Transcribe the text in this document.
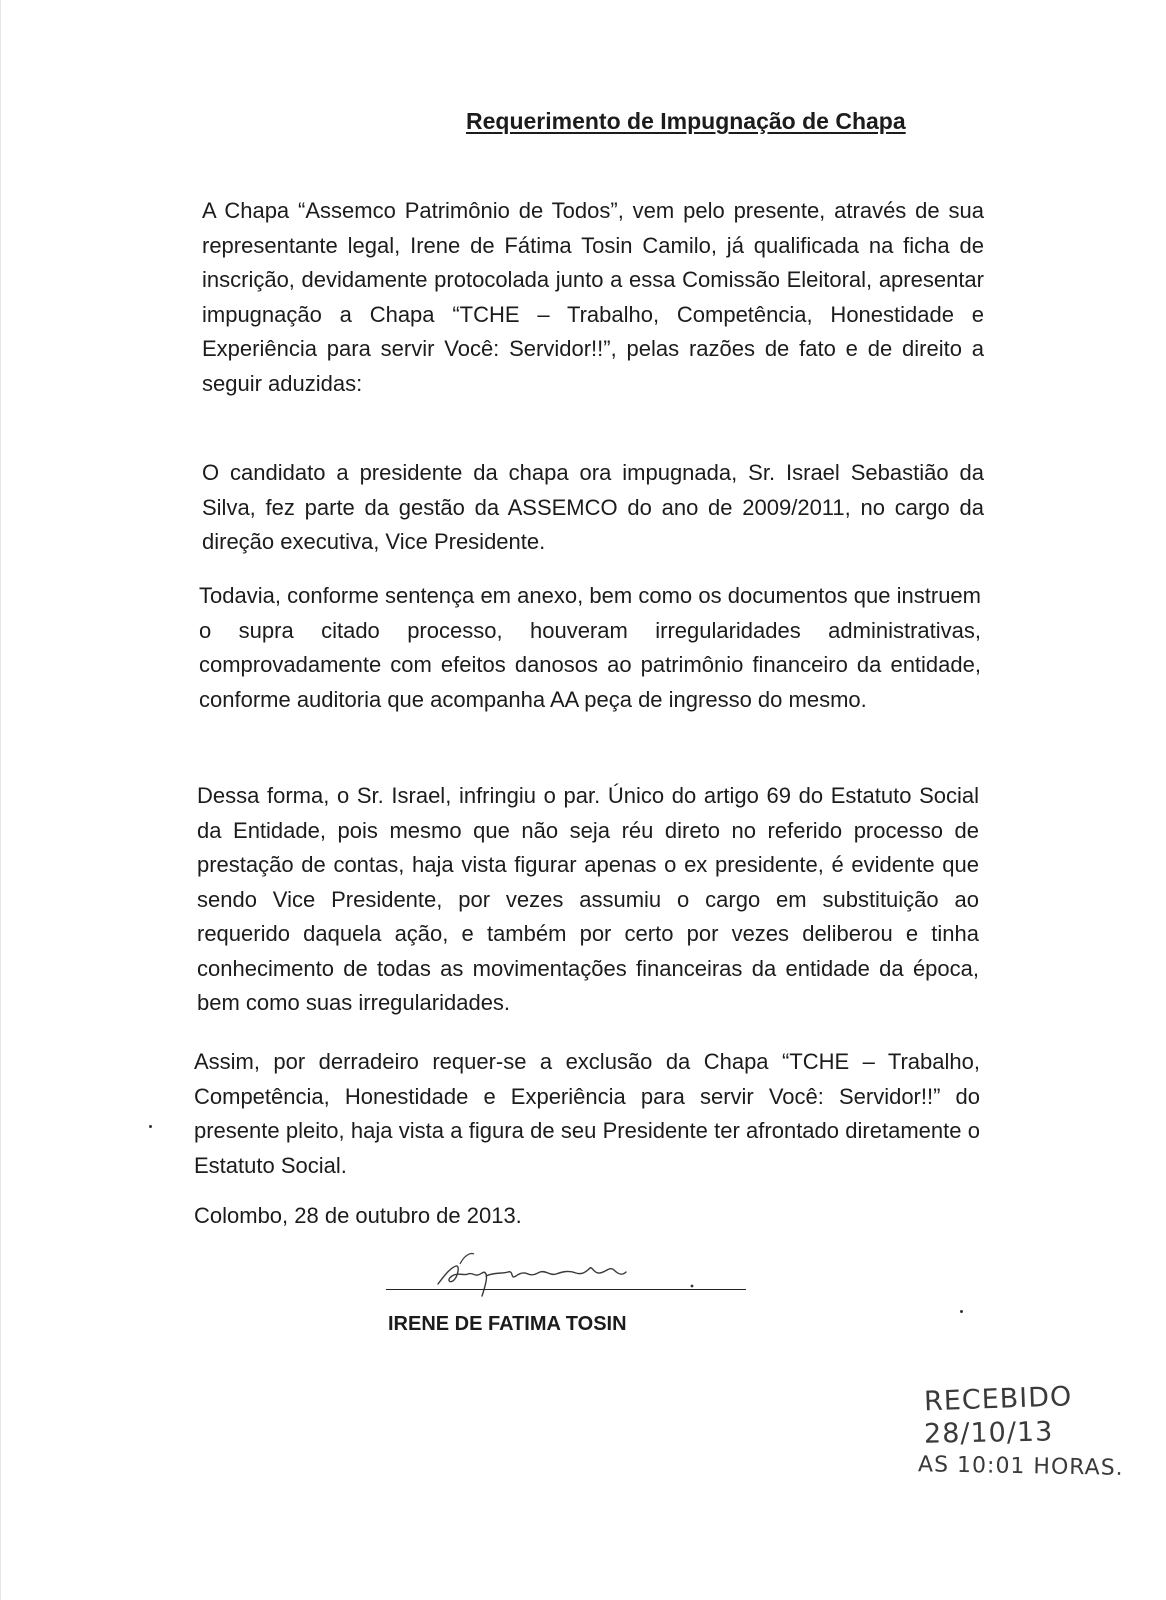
Requerimento de Impugnação de Chapa

A Chapa “Assemco Patrimônio de Todos”, vem pelo presente, através de sua representante legal, Irene de Fátima Tosin Camilo, já qualificada na ficha de inscrição, devidamente protocolada junto a essa Comissão Eleitoral, apresentar impugnação a Chapa “TCHE – Trabalho, Competência, Honestidade e Experiência para servir Você: Servidor!!”, pelas razões de fato e de direito a seguir aduzidas:

O candidato a presidente da chapa ora impugnada, Sr. Israel Sebastião da Silva, fez parte da gestão da ASSEMCO do ano de 2009/2011, no cargo da direção executiva, Vice Presidente.

Todavia, conforme sentença em anexo, bem como os documentos que instruem o supra citado processo, houveram irregularidades administrativas, comprovadamente com efeitos danosos ao patrimônio financeiro da entidade, conforme auditoria que acompanha AA peça de ingresso do mesmo.

Dessa forma, o Sr. Israel, infringiu o par. Único do artigo 69 do Estatuto Social da Entidade, pois mesmo que não seja réu direto no referido processo de prestação de contas, haja vista figurar apenas o ex presidente, é evidente que sendo Vice Presidente, por vezes assumiu o cargo em substituição ao requerido daquela ação, e também por certo por vezes deliberou e tinha conhecimento de todas as movimentações financeiras da entidade da época, bem como suas irregularidades.

Assim, por derradeiro requer-se a exclusão da Chapa “TCHE – Trabalho, Competência, Honestidade e Experiência para servir Você: Servidor!!” do presente pleito, haja vista a figura de seu Presidente ter afrontado diretamente o Estatuto Social.

Colombo, 28 de outubro de 2013.
IRENE DE FATIMA TOSIN
RECEBIDO
28/10/13
AS 10:01 HORAS.
